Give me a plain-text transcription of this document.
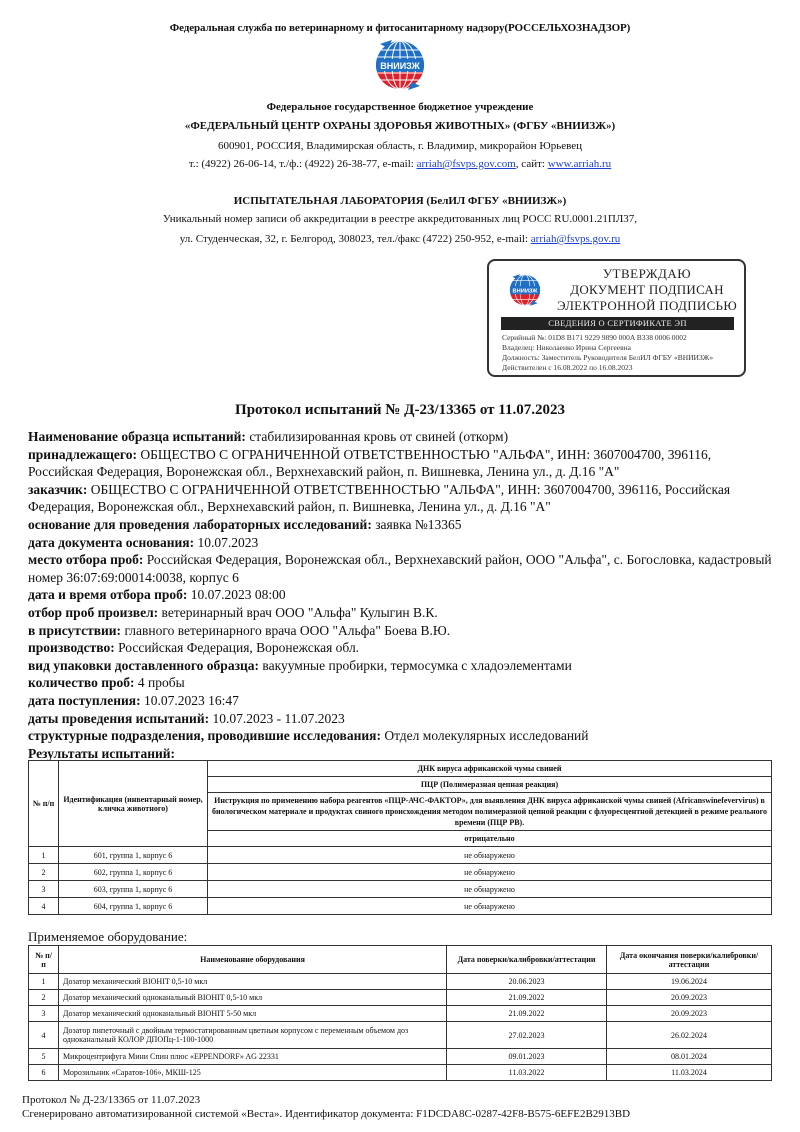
Федеральная служба по ветеринарному и фитосанитарному надзору(РОССЕЛЬХОЗНАДЗОР)
ВНИИЗЖ
Федеральное государственное бюджетное учреждение
«ФЕДЕРАЛЬНЫЙ ЦЕНТР ОХРАНЫ ЗДОРОВЬЯ ЖИВОТНЫХ» (ФГБУ «ВНИИЗЖ»)
600901, РОССИЯ, Владимирская область, г. Владимир, микрорайон Юрьевец
т.: (4922) 26-06-14, т./ф.: (4922) 26-38-77, e-mail: arriah@fsvps.gov.com, сайт: www.arriah.ru
ИСПЫТАТЕЛЬНАЯ ЛАБОРАТОРИЯ (БелИЛ ФГБУ «ВНИИЗЖ»)
Уникальный номер записи об аккредитации в реестре аккредитованных лиц РОСС RU.0001.21ПЛ37,
ул. Студенческая, 32, г. Белгород, 308023, тел./факс (4722) 250-952, e-mail: arriah@fsvps.gov.ru
ВНИИЗЖ
УТВЕРЖДАЮ
ДОКУМЕНТ ПОДПИСАН
ЭЛЕКТРОННОЙ ПОДПИСЬЮ
СВЕДЕНИЯ О СЕРТИФИКАТЕ ЭП
Серийный №: 01D8 B171 9229 9890 000A B338 0006 0002
Владелец: Николаенко Ирина Сергеевна
Должность: Заместитель Руководителя БелИЛ ФГБУ «ВНИИЗЖ»
Действителен с 16.08.2022 по 16.08.2023
Протокол испытаний № Д-23/13365 от 11.07.2023
Наименование образца испытаний: стабилизированная кровь от свиней (откорм)
принадлежащего: ОБЩЕСТВО С ОГРАНИЧЕННОЙ ОТВЕТСТВЕННОСТЬЮ "АЛЬФА", ИНН: 3607004700, 396116, Российская Федерация, Воронежская обл., Верхнехавский район, п. Вишневка, Ленина ул., д. Д.16 "А"
заказчик: ОБЩЕСТВО С ОГРАНИЧЕННОЙ ОТВЕТСТВЕННОСТЬЮ "АЛЬФА", ИНН: 3607004700, 396116, Российская Федерация, Воронежская обл., Верхнехавский район, п. Вишневка, Ленина ул., д. Д.16 "А"
основание для проведения лабораторных исследований: заявка №13365
дата документа основания: 10.07.2023
место отбора проб: Российская Федерация, Воронежская обл., Верхнехавский район, ООО "Альфа", с. Богословка, кадастровый номер 36:07:69:00014:0038, корпус 6
дата и время отбора проб: 10.07.2023 08:00
отбор проб произвел: ветеринарный врач ООО "Альфа" Кулыгин В.К.
в присутствии: главного ветеринарного врача ООО "Альфа" Боева В.Ю.
производство: Российская Федерация, Воронежская обл.
вид упаковки доставленного образца: вакуумные пробирки, термосумка с хладоэлементами
количество проб: 4 пробы
дата поступления: 10.07.2023 16:47
даты проведения испытаний: 10.07.2023 - 11.07.2023
структурные подразделения, проводившие исследования: Отдел молекулярных исследований
Результаты испытаний:
№ п/п	Идентификация (инвентарный номер, кличка животного)	ДНК вируса африканской чумы свиней
		ПЦР (Полимеразная цепная реакция)
		Инструкция по применению набора реагентов «ПЦР-АЧС-ФАКТОР», для выявления ДНК вируса африканской чумы свиней (Africanswinefevervirus) в биологическом материале и продуктах свиного происхождения методом полимеразной цепной реакции с флуоресцентной детекцией в режиме реального времени (ПЦР РВ).
		отрицательно
1	601, группа 1, корпус 6	не обнаружено
2	602, группа 1, корпус 6	не обнаружено
3	603, группа 1, корпус 6	не обнаружено
4	604, группа 1, корпус 6	не обнаружено
Применяемое оборудование:
№ п/п	Наименование оборудования	Дата поверки/калибровки/аттестации	Дата окончания поверки/калибровки/аттестации
1	Дозатор механический BIOHIT 0,5-10 мкл	20.06.2023	19.06.2024
2	Дозатор механический одноканальный BIOHIT 0,5-10 мкл	21.09.2022	20.09.2023
3	Дозатор механический одноканальный BIOHIT 5-50 мкл	21.09.2022	20.09.2023
4	Дозатор пипеточный с двойным термостатированным цветным корпусом с переменным объемом доз одноканальный КОЛОР ДПОПц-1-100-1000	27.02.2023	26.02.2024
5	Микроцентрифуга Мини Спин плюс «EPPENDORF» AG 22331	09.01.2023	08.01.2024
6	Морозильник «Саратов-106», МКШ-125	11.03.2022	11.03.2024
Протокол № Д-23/13365 от 11.07.2023
Сгенерировано автоматизированной системой «Веста». Идентификатор документа: F1DCDA8C-0287-42F8-B575-6EFE2B2913BD
